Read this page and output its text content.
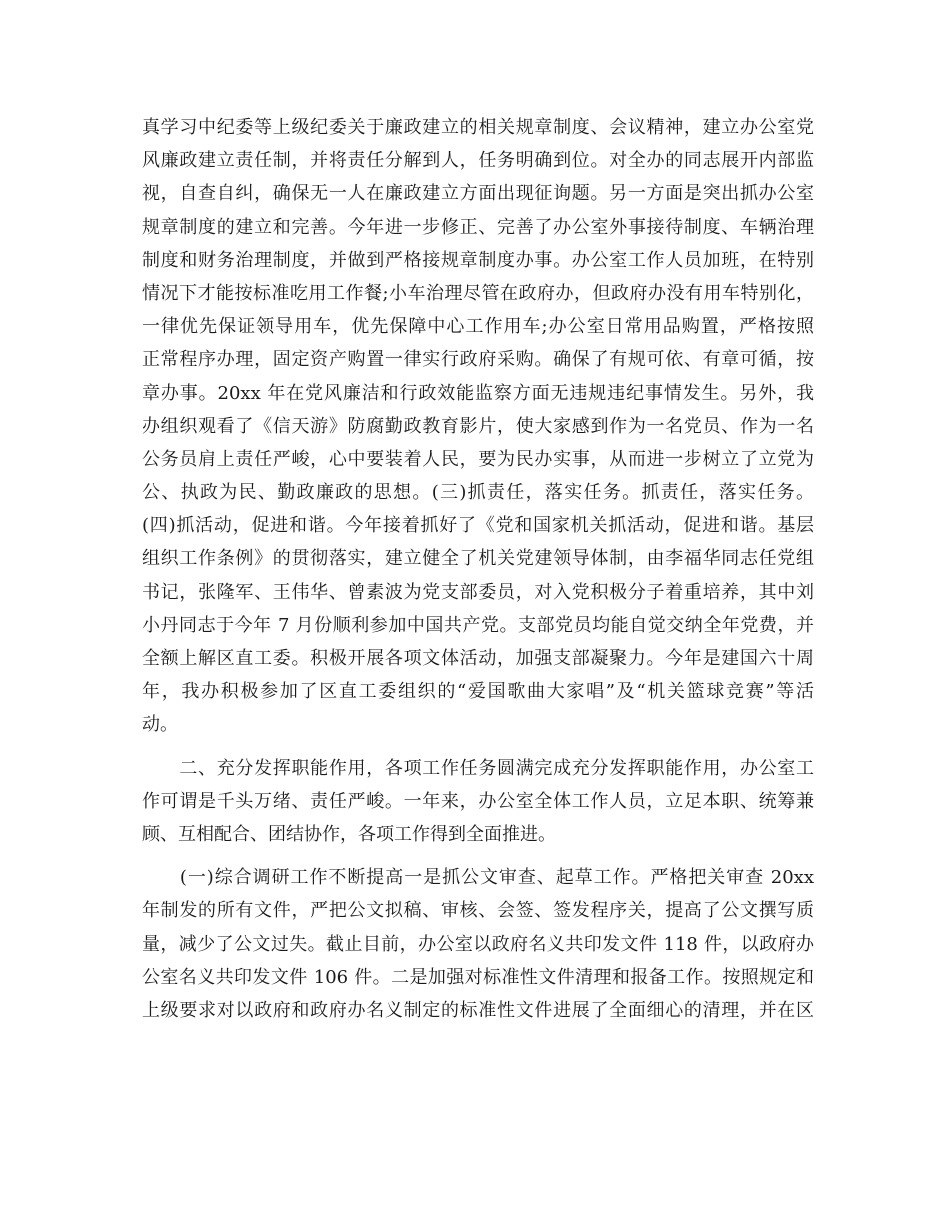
真学习中纪委等上级纪委关于廉政建立的相关规章制度、会议精神，建立办公室党
风廉政建立责任制，并将责任分解到人，任务明确到位。对全办的同志展开内部监
视，自查自纠，确保无一人在廉政建立方面出现征询题。另一方面是突出抓办公室
规章制度的建立和完善。今年进一步修正、完善了办公室外事接待制度、车辆治理
制度和财务治理制度，并做到严格接规章制度办事。办公室工作人员加班，在特别
情况下才能按标准吃用工作餐;小车治理尽管在政府办，但政府办没有用车特别化，
一律优先保证领导用车，优先保障中心工作用车;办公室日常用品购置，严格按照
正常程序办理，固定资产购置一律实行政府采购。确保了有规可依、有章可循，按
章办事。20xx 年在党风廉洁和行政效能监察方面无违规违纪事情发生。另外，我
办组织观看了《信天游》防腐勤政教育影片，使大家感到作为一名党员、作为一名
公务员肩上责任严峻，心中要装着人民，要为民办实事，从而进一步树立了立党为
公、执政为民、勤政廉政的思想。(三)抓责任，落实任务。抓责任，落实任务。
(四)抓活动，促进和谐。今年接着抓好了《党和国家机关抓活动，促进和谐。基层
组织工作条例》的贯彻落实，建立健全了机关党建领导体制，由李福华同志任党组
书记，张隆军、王伟华、曾素波为党支部委员，对入党积极分子着重培养，其中刘
小丹同志于今年 7 月份顺利参加中国共产党。支部党员均能自觉交纳全年党费，并
全额上解区直工委。积极开展各项文体活动，加强支部凝聚力。今年是建国六十周
年，我办积极参加了区直工委组织的“爱国歌曲大家唱”及“机关篮球竞赛”等活
动。
　　二、充分发挥职能作用，各项工作任务圆满完成充分发挥职能作用，办公室工
作可谓是千头万绪、责任严峻。一年来，办公室全体工作人员，立足本职、统筹兼
顾、互相配合、团结协作，各项工作得到全面推进。
　　(一)综合调研工作不断提高一是抓公文审查、起草工作。严格把关审查 20xx
年制发的所有文件，严把公文拟稿、审核、会签、签发程序关，提高了公文撰写质
量，减少了公文过失。截止目前，办公室以政府名义共印发文件 118 件，以政府办
公室名义共印发文件 106 件。二是加强对标准性文件清理和报备工作。按照规定和
上级要求对以政府和政府办名义制定的标准性文件进展了全面细心的清理，并在区
